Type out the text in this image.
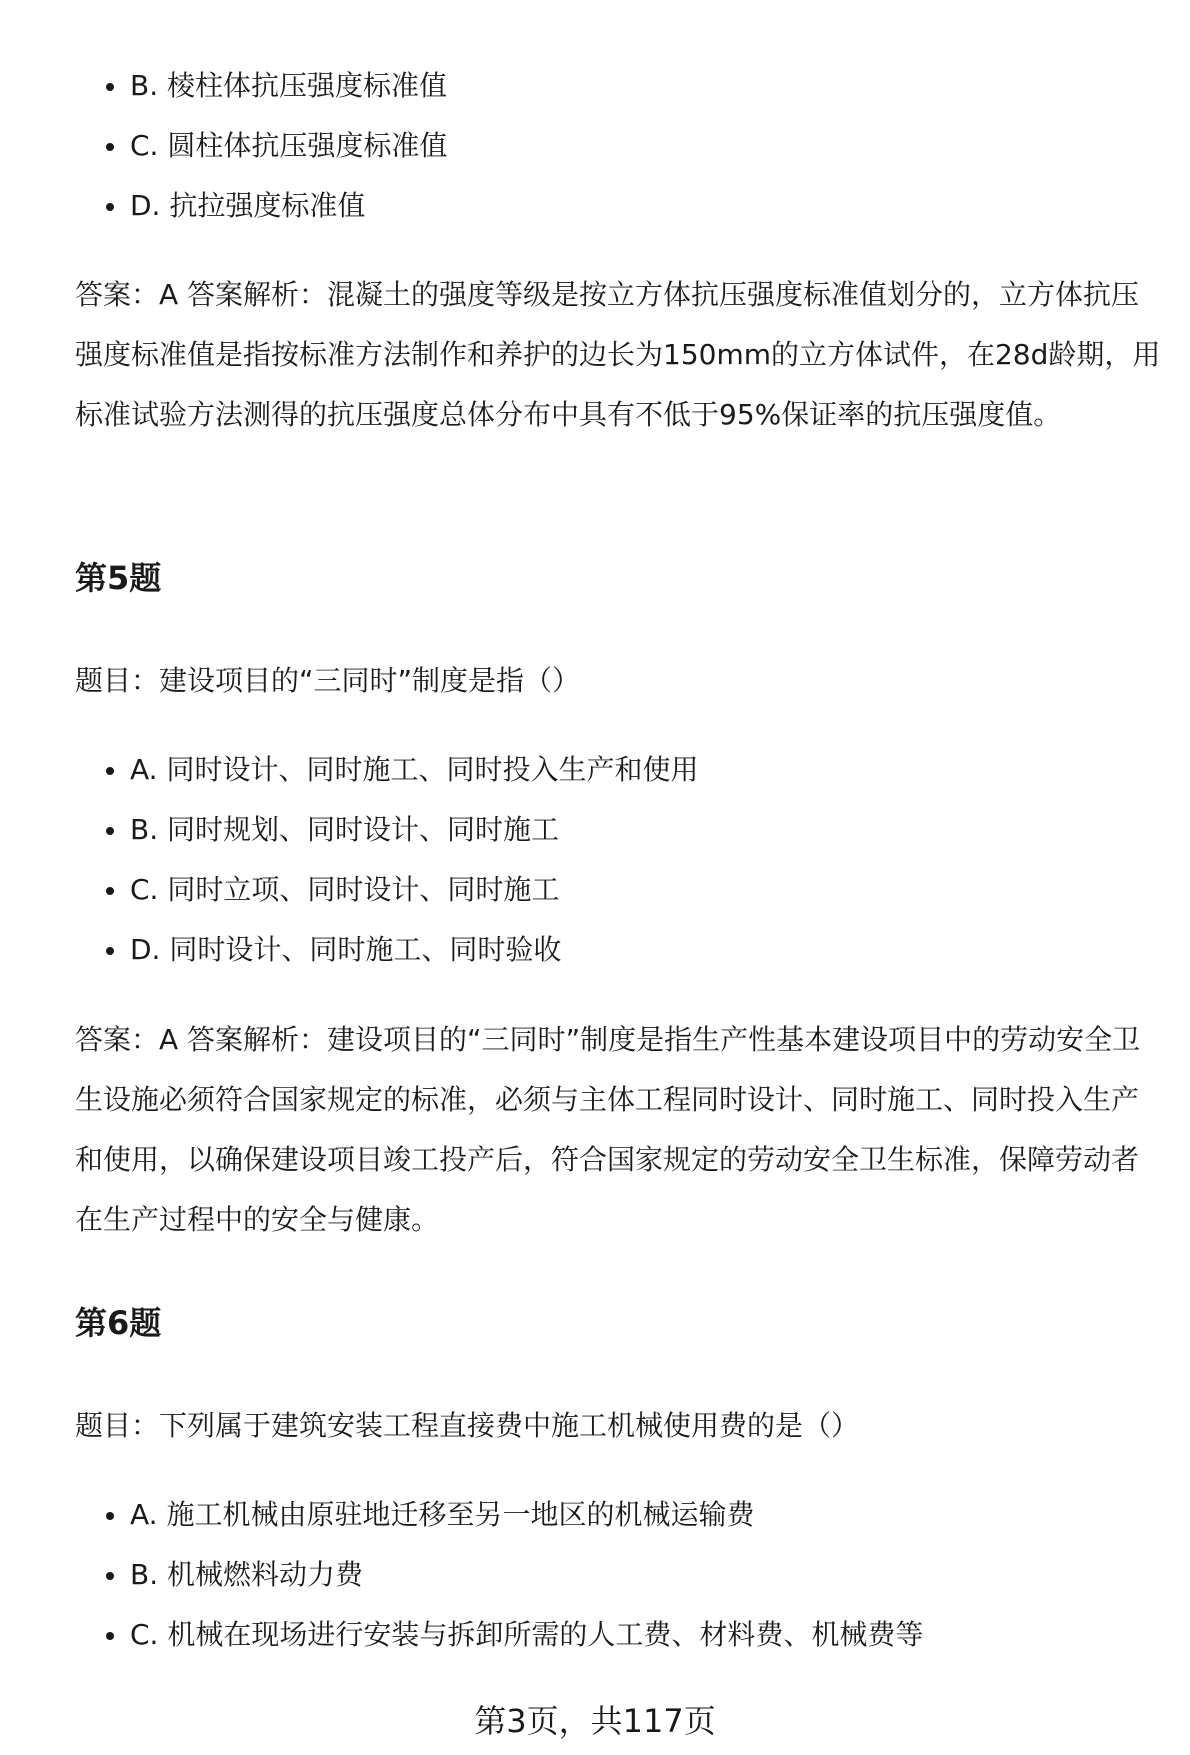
B. 棱柱体抗压强度标准值
C. 圆柱体抗压强度标准值
D. 抗拉强度标准值

答案：A 答案解析：混凝土的强度等级是按立方体抗压强度标准值划分的，立方体抗压强度标准值是指按标准方法制作和养护的边长为150mm的立方体试件，在28d龄期，用标准试验方法测得的抗压强度总体分布中具有不低于95%保证率的抗压强度值。

第5题

题目：建设项目的“三同时”制度是指（）

A. 同时设计、同时施工、同时投入生产和使用
B. 同时规划、同时设计、同时施工
C. 同时立项、同时设计、同时施工
D. 同时设计、同时施工、同时验收

答案：A 答案解析：建设项目的“三同时”制度是指生产性基本建设项目中的劳动安全卫生设施必须符合国家规定的标准，必须与主体工程同时设计、同时施工、同时投入生产和使用，以确保建设项目竣工投产后，符合国家规定的劳动安全卫生标准，保障劳动者在生产过程中的安全与健康。

第6题

题目：下列属于建筑安装工程直接费中施工机械使用费的是（）

A. 施工机械由原驻地迁移至另一地区的机械运输费
B. 机械燃料动力费
C. 机械在现场进行安装与拆卸所需的人工费、材料费、机械费等
第3页，共117页
